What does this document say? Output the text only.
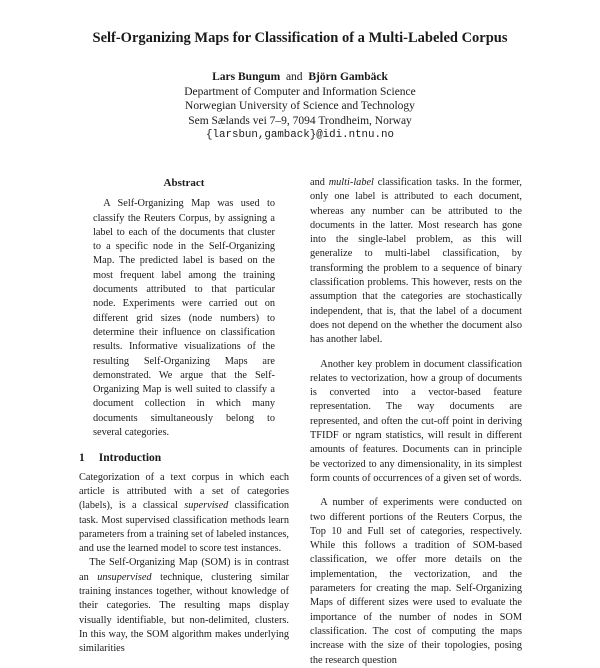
Self-Organizing Maps for Classification of a Multi-Labeled Corpus
Lars Bungum and Björn Gambäck
Department of Computer and Information Science
Norwegian University of Science and Technology
Sem Sælands vei 7–9, 7094 Trondheim, Norway
{larsbun,gamback}@idi.ntnu.no
Abstract

A Self-Organizing Map was used to classify the Reuters Corpus, by assigning a label to each of the documents that cluster to a specific node in the Self-Organizing Map. The predicted label is based on the most frequent label among the training documents attributed to that particular node. Experiments were carried out on different grid sizes (node numbers) to determine their influence on classification results. Informative visualizations of the resulting Self-Organizing Maps are demonstrated. We argue that the Self-Organizing Map is well suited to classify a document collection in which many documents simultaneously belong to several categories.

1 Introduction

Categorization of a text corpus in which each article is attributed with a set of categories (labels), is a classical supervised classification task. Most supervised classification methods learn parameters from a training set of labeled instances, and use the learned model to score test instances.

The Self-Organizing Map (SOM) is in contrast an unsupervised technique, clustering similar training instances together, without knowledge of their categories. The resulting maps display visually identifiable, but non-delimited, clusters. In this way, the SOM algorithm makes underlying similarities

and multi-label classification tasks. In the former, only one label is attributed to each document, whereas any number can be attributed to the documents in the latter. Most research has gone into the single-label problem, as this will generalize to multi-label classification, by transforming the problem to a sequence of binary classification problems. This however, rests on the assumption that the categories are stochastically independent, that is, that the label of a document does not depend on the whether the document also has another label.

Another key problem in document classification relates to vectorization, how a group of documents is converted into a vector-based feature representation. The way documents are represented, and often the cut-off point in deriving TFIDF or ngram statistics, will result in different amounts of features. Documents can in principle be vectorized to any dimensionality, in its simplest form counts of occurrences of a given set of words.

A number of experiments were conducted on two different portions of the Reuters Corpus, the Top 10 and Full set of categories, respectively. While this follows a tradition of SOM-based classification, we offer more details on the implementation, the vectorization, and the parameters for creating the map. Self-Organizing Maps of different sizes were used to evaluate the importance of the number of nodes in SOM classification. The cost of computing the maps increase with the size of their topologies, posing the research question
